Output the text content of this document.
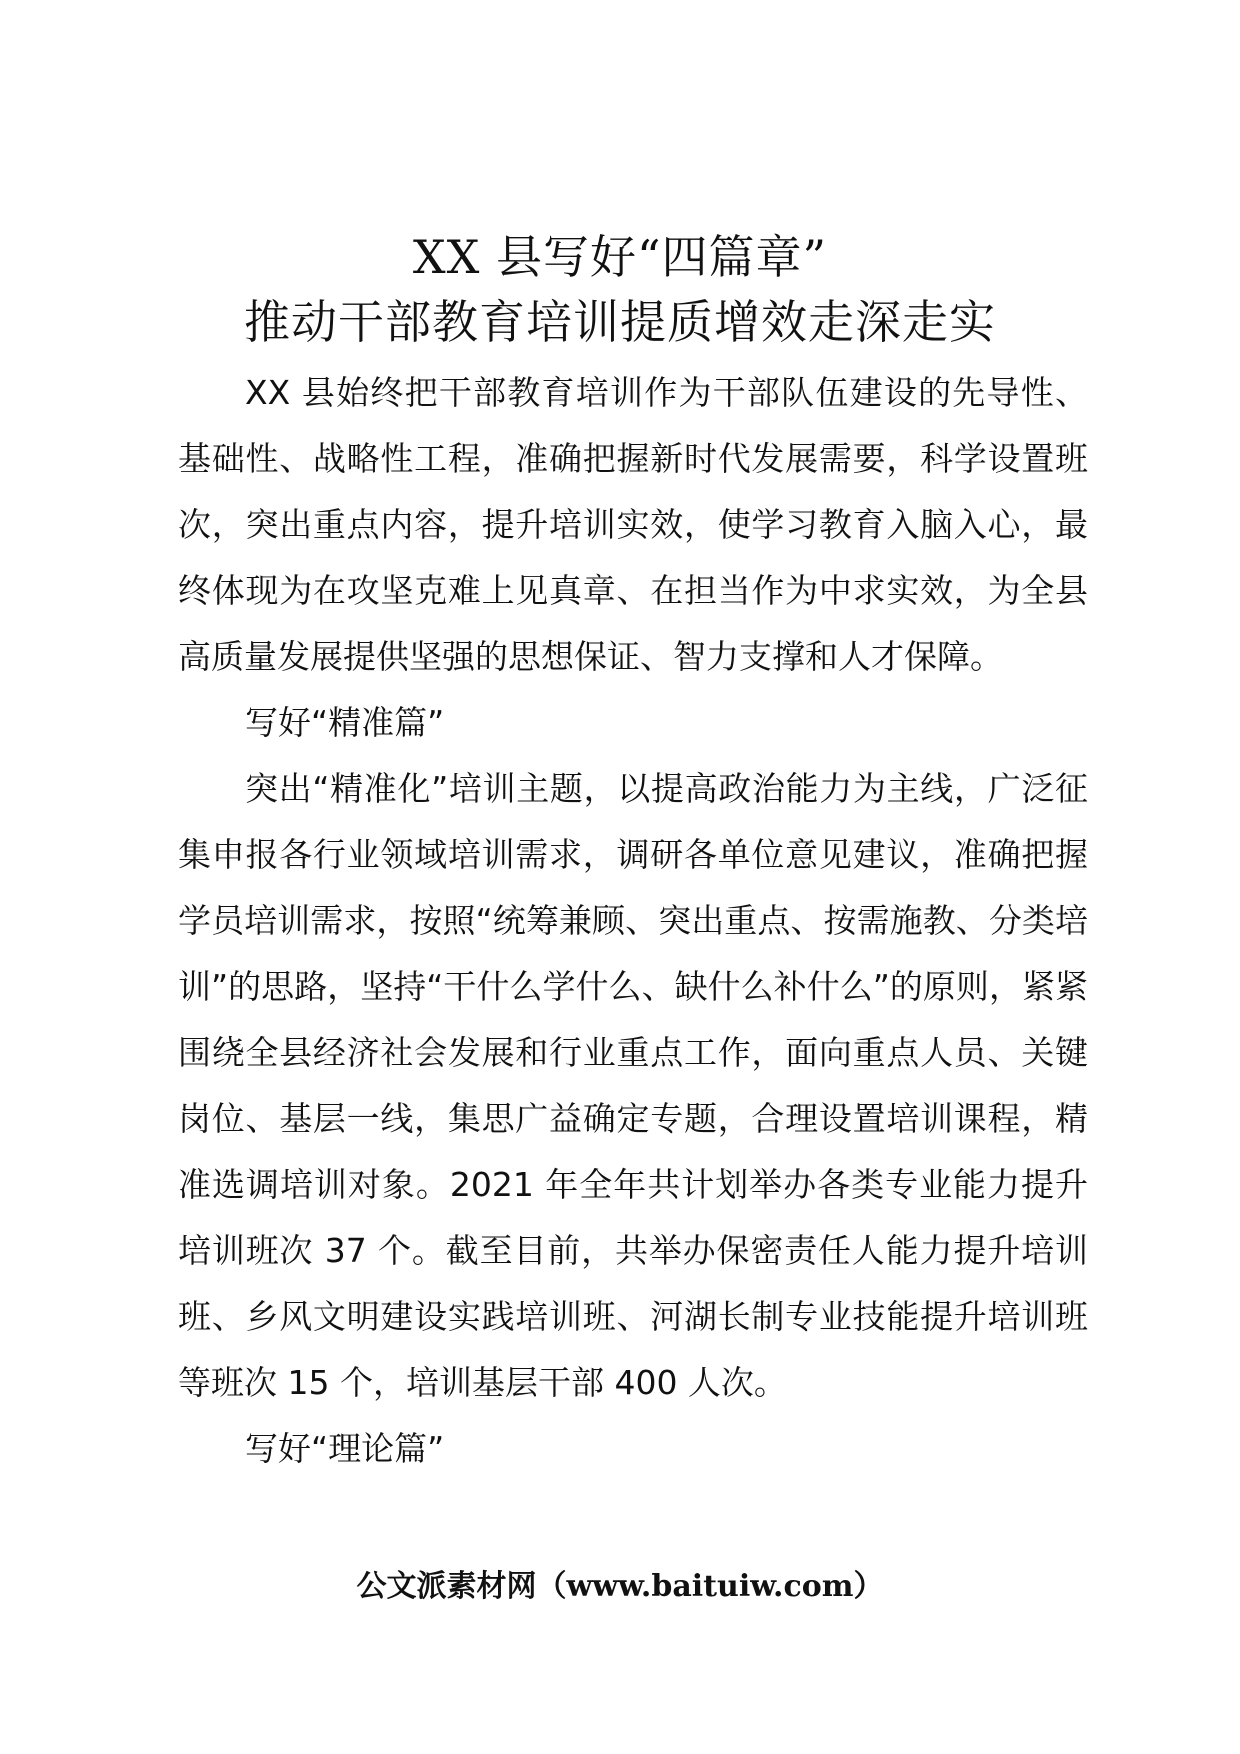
XX 县写好“四篇章”
推动干部教育培训提质增效走深走实

XX 县始终把干部教育培训作为干部队伍建设的先导性、基础性、战略性工程，准确把握新时代发展需要，科学设置班次，突出重点内容，提升培训实效，使学习教育入脑入心，最终体现为在攻坚克难上见真章、在担当作为中求实效，为全县高质量发展提供坚强的思想保证、智力支撑和人才保障。

写好“精准篇”

突出“精准化”培训主题，以提高政治能力为主线，广泛征集申报各行业领域培训需求，调研各单位意见建议，准确把握学员培训需求，按照“统筹兼顾、突出重点、按需施教、分类培训”的思路，坚持“干什么学什么、缺什么补什么”的原则，紧紧围绕全县经济社会发展和行业重点工作，面向重点人员、关键岗位、基层一线，集思广益确定专题，合理设置培训课程，精准选调培训对象。2021 年全年共计划举办各类专业能力提升培训班次 37 个。截至目前，共举办保密责任人能力提升培训班、乡风文明建设实践培训班、河湖长制专业技能提升培训班等班次 15 个，培训基层干部 400 人次。

写好“理论篇”

公文派素材网（www.baituiw.com）
